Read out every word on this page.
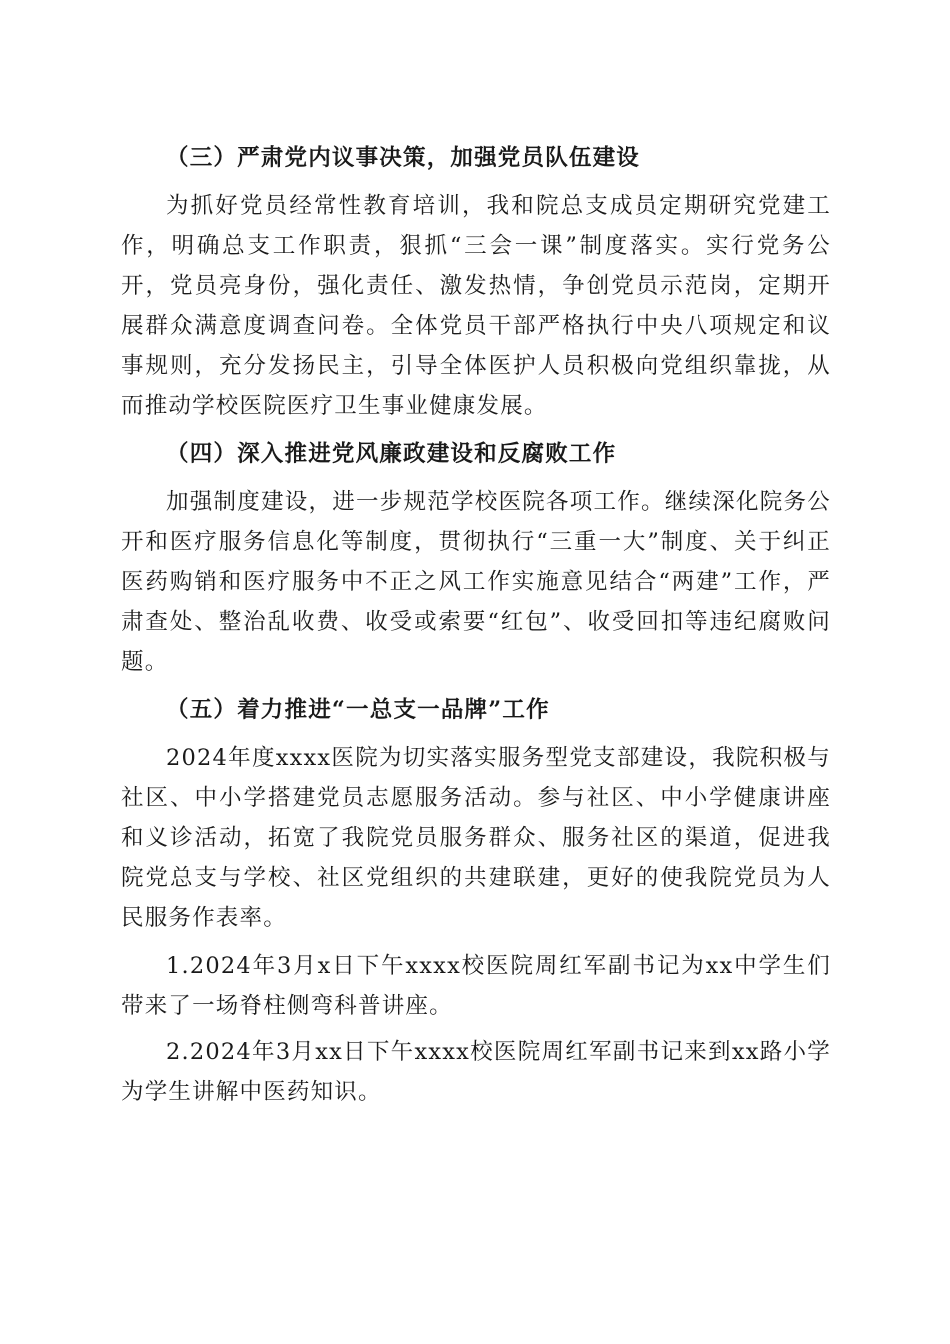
（三）严肃党内议事决策，加强党员队伍建设
为抓好党员经常性教育培训，我和院总支成员定期研究党建工作，明确总支工作职责，狠抓“三会一课”制度落实。实行党务公开，党员亮身份，强化责任、激发热情，争创党员示范岗，定期开展群众满意度调查问卷。全体党员干部严格执行中央八项规定和议事规则，充分发扬民主，引导全体医护人员积极向党组织靠拢，从而推动学校医院医疗卫生事业健康发展。
（四）深入推进党风廉政建设和反腐败工作
加强制度建设，进一步规范学校医院各项工作。继续深化院务公开和医疗服务信息化等制度，贯彻执行“三重一大”制度、关于纠正医药购销和医疗服务中不正之风工作实施意见结合“两建”工作，严肃查处、整治乱收费、收受或索要“红包”、收受回扣等违纪腐败问题。
（五）着力推进“一总支一品牌”工作
2024年度xxxx医院为切实落实服务型党支部建设，我院积极与社区、中小学搭建党员志愿服务活动。参与社区、中小学健康讲座和义诊活动，拓宽了我院党员服务群众、服务社区的渠道，促进我院党总支与学校、社区党组织的共建联建，更好的使我院党员为人民服务作表率。
1.2024年3月x日下午xxxx校医院周红军副书记为xx中学生们带来了一场脊柱侧弯科普讲座。
2.2024年3月xx日下午xxxx校医院周红军副书记来到xx路小学为学生讲解中医药知识。
